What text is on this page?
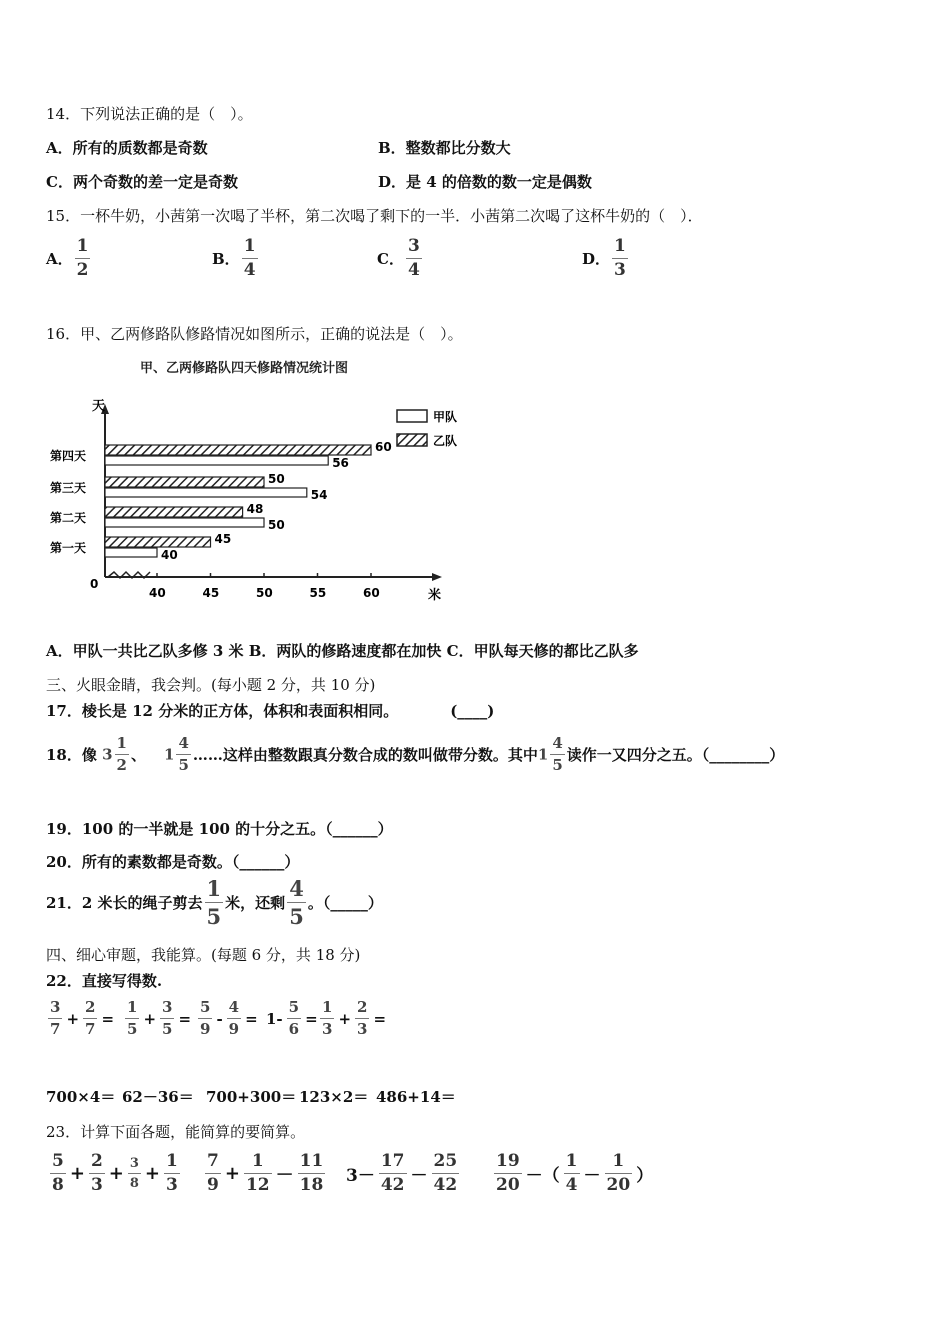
14．下列说法正确的是（　）。
A．所有的质数都是奇数	B．整数都比分数大
C．两个奇数的差一定是奇数	D．是 4 的倍数的数一定是偶数
15．一杯牛奶，小茜第一次喝了半杯，第二次喝了剩下的一半．小茜第二次喝了这杯牛奶的（　）．
A． $\frac{1}{2}$	B． $\frac{1}{4}$	C． $\frac{3}{4}$	D． $\frac{1}{3}$
16．甲、乙两修路队修路情况如图所示，正确的说法是（　）。
甲、乙两修路队四天修路情况统计图
天
米
0
40	45	50	55	60
第一天
第二天
第三天
第四天
45
40
48
50
50
54
60
56
甲队
乙队
A．甲队一共比乙队多修 3 米 B．两队的修路速度都在加快 C．甲队每天修的都比乙队多
三、火眼金睛，我会判。(每小题 2 分，共 10 分)
17．棱长是 12 分米的正方体，体积和表面积相同。	(____)
18．像 $3 \frac{1}{2}$ 、 $1 \frac{4}{5}$ ……这样由整数跟真分数合成的数叫做带分数。其中$1 \frac{4}{5}$ 读作一又四分之五。（________）
19．100 的一半就是 100 的十分之五。（______）
20．所有的素数都是奇数。（______）
21．2 米长的绳子剪去 $\frac{1}{5}$ 米，还剩 $\frac{4}{5}$ 。（_____）
四、细心审题，我能算。(每题 6 分，共 18 分)
22．直接写得数.
$\frac{3}{7} + \frac{2}{7} = \frac{1}{5} + \frac{3}{5} = \frac{5}{9} - \frac{4}{9} = 1- \frac{5}{6} = \frac{1}{3} + \frac{2}{3}$ =
700×4＝ 62－36＝ 700+300＝ 123×2＝ 486+14＝
23．计算下面各题，能简算的要简算。
$\frac{5}{8} + \frac{2}{3} + \frac{3}{8} + \frac{1}{3} \frac{7}{9} + \frac{1}{12} - \frac{11}{18} 3- \frac{17}{42} - \frac{25}{42} \frac{19}{20}$ －（ $\frac{1}{4} - \frac{1}{20}$ ）
